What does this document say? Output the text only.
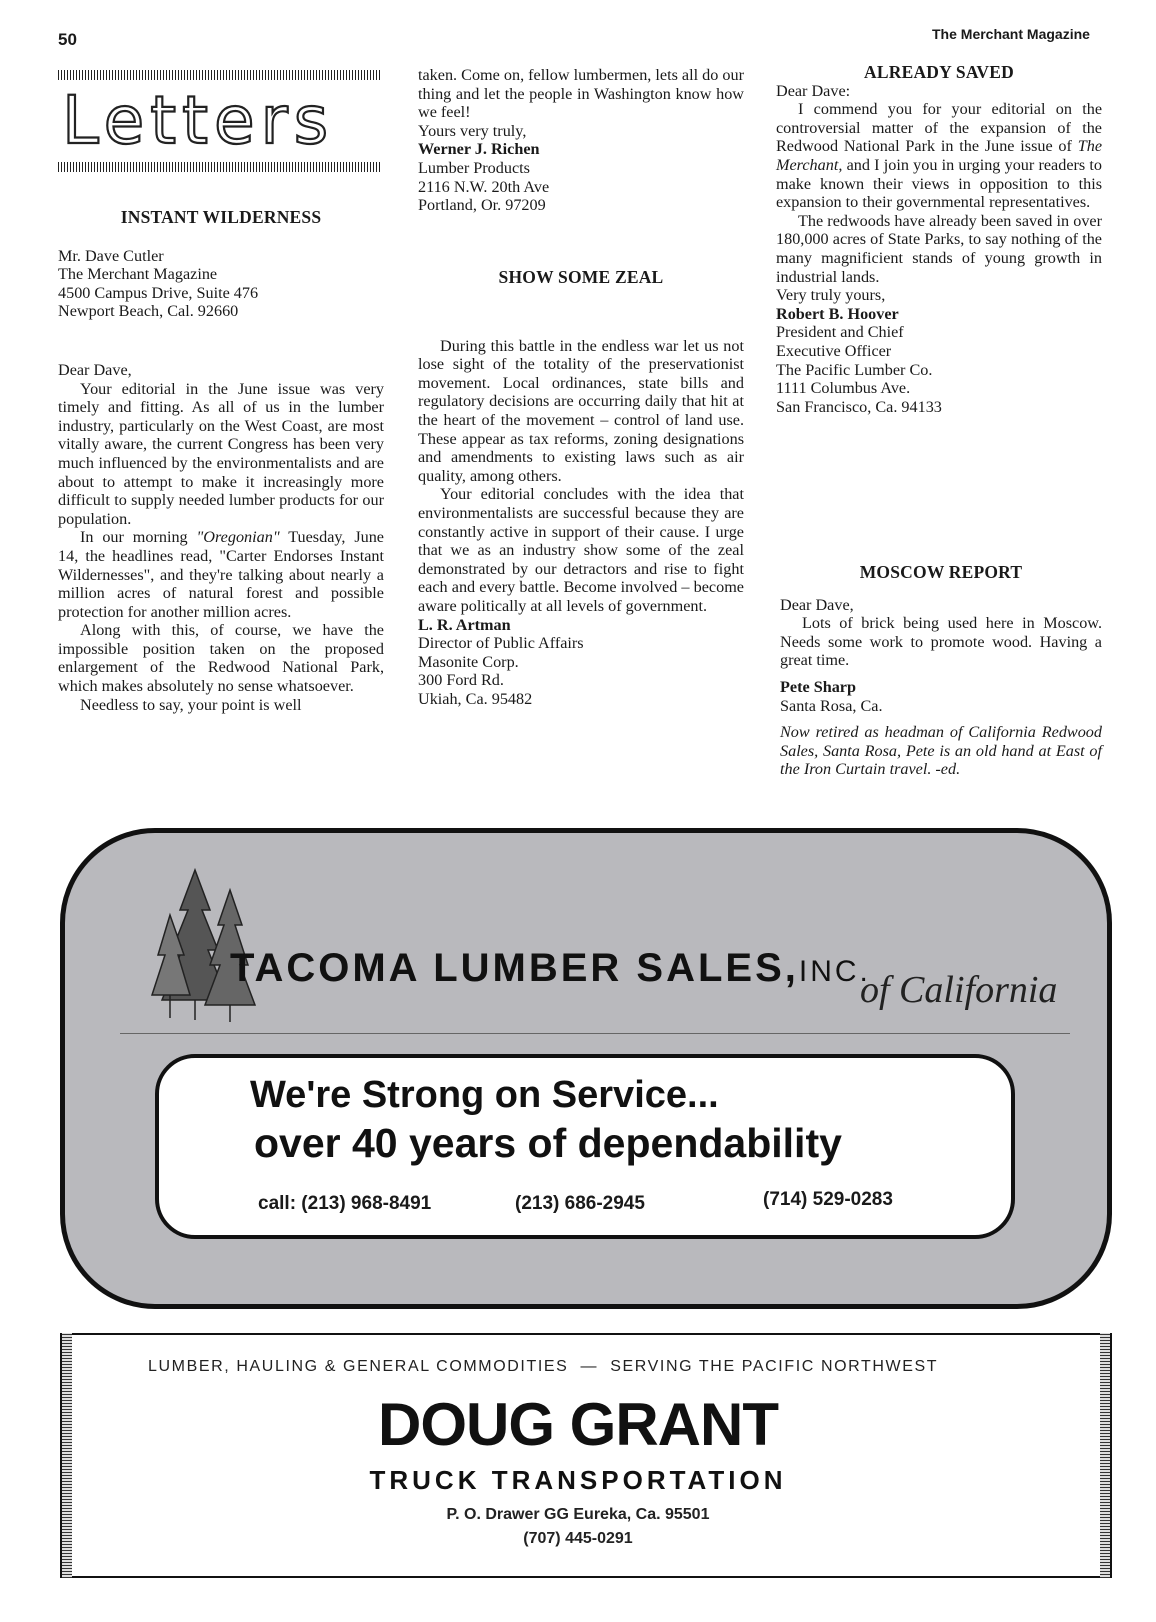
50	The Merchant Magazine
Letters

INSTANT WILDERNESS

Mr. Dave Cutler

The Merchant Magazine

4500 Campus Drive, Suite 476

Newport Beach, Cal. 92660

Dear Dave,

Your editorial in the June issue was very timely and fitting. As all of us in the lumber industry, particularly on the West Coast, are most vitally aware, the current Congress has been very much influenced by the environmentalists and are about to attempt to make it increasingly more difficult to supply needed lumber products for our population.

In our morning "Oregonian" Tuesday, June 14, the headlines read, "Carter Endorses Instant Wildernesses", and they're talking about nearly a million acres of natural forest and possible protection for another million acres.

Along with this, of course, we have the impossible position taken on the proposed enlargement of the Redwood National Park, which makes absolutely no sense whatsoever.

Needless to say, your point is well

taken. Come on, fellow lumbermen, lets all do our thing and let the people in Washington know how we feel!

Yours very truly,

Werner J. Richen

Lumber Products

2116 N.W. 20th Ave

Portland, Or. 97209

SHOW SOME ZEAL

During this battle in the endless war let us not lose sight of the totality of the preservationist movement. Local ordinances, state bills and regulatory decisions are occurring daily that hit at the heart of the movement – control of land use. These appear as tax reforms, zoning designations and amendments to existing laws such as air quality, among others.

Your editorial concludes with the idea that environmentalists are successful because they are constantly active in support of their cause. I urge that we as an industry show some of the zeal demonstrated by our detractors and rise to fight each and every battle. Become involved – become aware politically at all levels of government.

L. R. Artman

Director of Public Affairs

Masonite Corp.

300 Ford Rd.

Ukiah, Ca. 95482

ALREADY SAVED

Dear Dave:

I commend you for your editorial on the controversial matter of the expansion of the Redwood National Park in the June issue of The Merchant, and I join you in urging your readers to make known their views in opposition to this expansion to their governmental representatives.

The redwoods have already been saved in over 180,000 acres of State Parks, to say nothing of the many magnificient stands of young growth in industrial lands.

Very truly yours,

Robert B. Hoover

President and Chief

Executive Officer

The Pacific Lumber Co.

1111 Columbus Ave.

San Francisco, Ca. 94133

MOSCOW REPORT

Dear Dave,

Lots of brick being used here in Moscow. Needs some work to promote wood. Having a great time.

Pete Sharp

Santa Rosa, Ca.

Now retired as headman of California Redwood Sales, Santa Rosa, Pete is an old hand at East of the Iron Curtain travel. -ed.

TACOMA LUMBER SALES,INC.
of California
We're Strong on Service...
over 40 years of dependability
call: (213) 968-8491	(213) 686-2945	(714) 529-0283
LUMBER, HAULING & GENERAL COMMODITIES — SERVING THE PACIFIC NORTHWEST
DOUG GRANT
TRUCK TRANSPORTATION
P. O. Drawer GG Eureka, Ca. 95501
(707) 445-0291
